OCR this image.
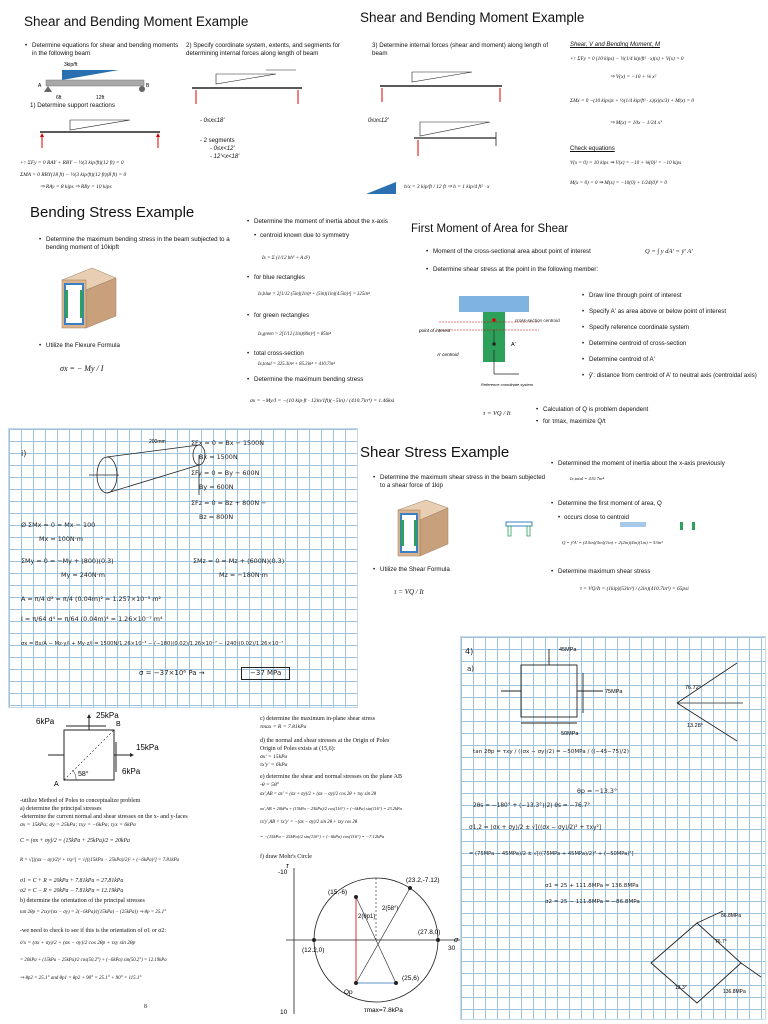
Shear and Bending Moment Example
• Determine equations for shear and bending moments in the following beam
3kip/ft
A	B
6ft	12ft
1) Determine support reactions
+↑ ΣFy = 0 RAY + RBY − ½(3 kip/ft)(12 ft) = 0
ΣMA = 0 RBY(18 ft) − ½(3 kip/ft)(12 ft)(8 ft) = 0
⇒ RAy = 8 kips ⇒ RBy = 10 kips
2) Specify coordinate system, extents, and segments for determining internal forces along length of beam
- 0≤x≤18'
- 2 segments
- 0≤x<12'
- 12'<x<18'
Shear and Bending Moment Example
3) Determine internal forces (shear and moment) along length of beam
0≤x≤12'
h/x = 3 kip/ft / 12 ft ⇒ h = 1 kip/4 ft² · x
Shear, V and Bending Moment, M
+↑ ΣFy = 0 (10 kips) − ½(1/4 kip/ft² · x)(x) + V(x) = 0
⇒ V(x) = −10 + ⅛ x²
ΣMx = 0 −(10 kips)x + ½(1/4 kip/ft² · x)(x)(x/3) + M(x) = 0
⇒ M(x) = 10x − 1/24 x³
Check equations
V(x = 0) = 10 kips ⇒ V(x) = −10 + ⅛(0)² = −10 kips
M(x = 0) = 0 ⇒ M(x) = −10(0) + 1/24(0)³ = 0
Bending Stress Example
• Determine the maximum bending stress in the beam subjected to a bending moment of 10kipft
• Utilize the Flexure Formula
σx = − My / I
• Determine the moment of inertia about the x-axis
• centroid known due to symmetry
Ix = Σ (1/12 bh³ + A d²)
• for blue rectangles
Ix,blue = 2[1/12 (5in)(1in)³ + (5in)(1in)(4.5in)²] = 325in⁴
• for green rectangles
Ix,green = 2[1/12 (1in)(8in)³] = 85in⁴
• total cross-section
Ix,total = 325.3in⁴ + 85.3in⁴ = 410.7in⁴
• Determine the maximum bending stress
σx = −My/I = −(10 kip·ft · 12in/1ft)(−5in) / (410.7in⁴) = 1.46ksi
First Moment of Area for Shear
• Moment of the cross-sectional area about point of interest
• Determine shear stress at the point in the following member:
Q = ∫ y dA' = ȳ' A'
cross-section centroid
point of interest
A' centroid
A'
Reference coordinate system
• Draw line through point of interest
• Specify A' as area above or below point of interest
• Specify reference coordinate system
• Determine centroid of cross-section
• Determine centroid of A'
• ȳ': distance from centroid of A' to neutral axis (centroidal axis)
τ = VQ / It
• Calculation of Q is problem dependent
• for τmax, maximize Q/t
i)
200mm	ΣFx = 0 = Bx − 1500N
Bx = 1500N
ΣFy = 0 = By − 600N
By = 600N
ΣFz = 0 = Bz + 800N −
Bz = 800N
Ø ΣMx = 0 = Mx − 100
Mx = 100N·m
ΣMy = 0 = −My + (800)(0.3)	ΣMz = 0 = Mz + (600N)(0.3)
My = 240N·m	Mz = −180N·m
A = π/4 d² = π/4 (0.04m)² = 1.257×10⁻³ m²
I = π/64 d⁴ = π/64 (0.04m)⁴ = 1.26×10⁻⁷ m⁴
σx = Bx/A − Mz·y/I + My·z/I = 1500N/1.26×10⁻³ − (−180)(0.02)/1.26×10⁻⁷ − (240)(0.02)/1.26×10⁻⁷
σ = −37×10⁶ Pa →	−37 MPa
Shear Stress Example
• Determine the maximum shear stress in the beam subjected to a shear force of 1kip
• Utilize the Shear Formula
τ = VQ / It
• Determined the moment of inertia about the x-axis previously
Ix,total = 410.7in⁴
• Determine the first moment of area, Q
• occurs close to centroid
Q = ȳ'A' = (4.5in)(5in)(1in) + 2(2in)(4in)(1in) = 53in³
• Determine maximum shear stress
τ = VQ/It = (1kip)(53in³) / (2in)(410.7in⁴) = 65psi
6kPa
25kPa
15kPa
6kPa
58°
A
B
-utilize Method of Poles to conceptualize problem
a) determine the principal stresses
-determine the current normal and shear stresses on the x- and y-faces
σx = 15kPa; σy = 25kPa; τxy = −6kPa; τyx = 6kPa
C = (σx + σy)/2 = (15kPa + 25kPa)/2 = 20kPa
R = √[((σx − σy)/2)² + τxy²] = √[((15kPa − 25kPa)/2)² + (−6kPa)²] = 7.81kPa
σ1 = C + R = 20kPa + 7.81kPa = 27.81kPa
σ2 = C − R = 20kPa − 7.81kPa = 12.19kPa
b) determine the orientation of the principal stresses
tan 2θp = 2τxy/(σx − σy) = 2(−6kPa)/((15kPa) − (25kPa)) ⇒ θp = 25.1°
-we need to check to see if this is the orientation of σ1 or σ2:
σ'x = (σx + σy)/2 + (σx − σy)/2 cos 2θp + τxy sin 2θp
= 20kPa + (15kPa − 25kPa)/2 cos(50.2°) + (−6kPa) sin(50.2°) = 12.19kPa
⇒ θp2 = 25.1° and θp1 = θp2 + 90° = 25.1° + 90° = 115.1°
8
c) determine the maximum in-plane shear stress
τmax = R = 7.81kPa
d) the normal and shear stresses at the Origin of Poles
Origin of Poles exists at (15,6):
σx' = 15kPa
τx'y' = 6kPa
e) determine the shear and normal stresses on the plane AB
-θ = 58°
σx',AB = σx' = (σx + σy)/2 + (σx − σy)/2 cos 2θ + τxy sin 2θ
σx',AB = 20kPa + (15kPa − 25kPa)/2 cos(116°) + (−6kPa) sin(116°) = 23.2kPa
τx'y',AB = τx'y' = −(σx − σy)/2 sin 2θ + τxy cos 2θ
= −(15kPa − 25kPa)/2 sin(116°) + (−6kPa) cos(116°) = −7.12kPa
f) draw Mohr's Circle
(15,-6)
(23.2,-7.12)
(27.8,0)
(12.2,0)
(25,6)
2(θp1)
2(58°)
Op
τmax=7.8kPa
-10
10
30
σ
τ
4)
a)
45MPa
75MPa
50MPa
76.72°
13.28°
tan 2θp = τxy / ((σx − σy)/2) = −50MPa / ((−45−75)/2)
θp = −13.3°
2θs = −180° + (−13.3°)(2) θs = −76.7°
σ1,2 = (σx + σy)/2 ± √[((σx − σy)/2)² + τxy²]
= (75MPa − 45MPa)/2 ± √[((75MPa + 45MPa)/2)² + (−50MPa)²]
σ1 = 25 + 111.8MPa = 136.8MPa
σ2 = 25 − 111.8MPa = −86.8MPa
86.8MPa
136.8MPa
76.7°
13.3°
